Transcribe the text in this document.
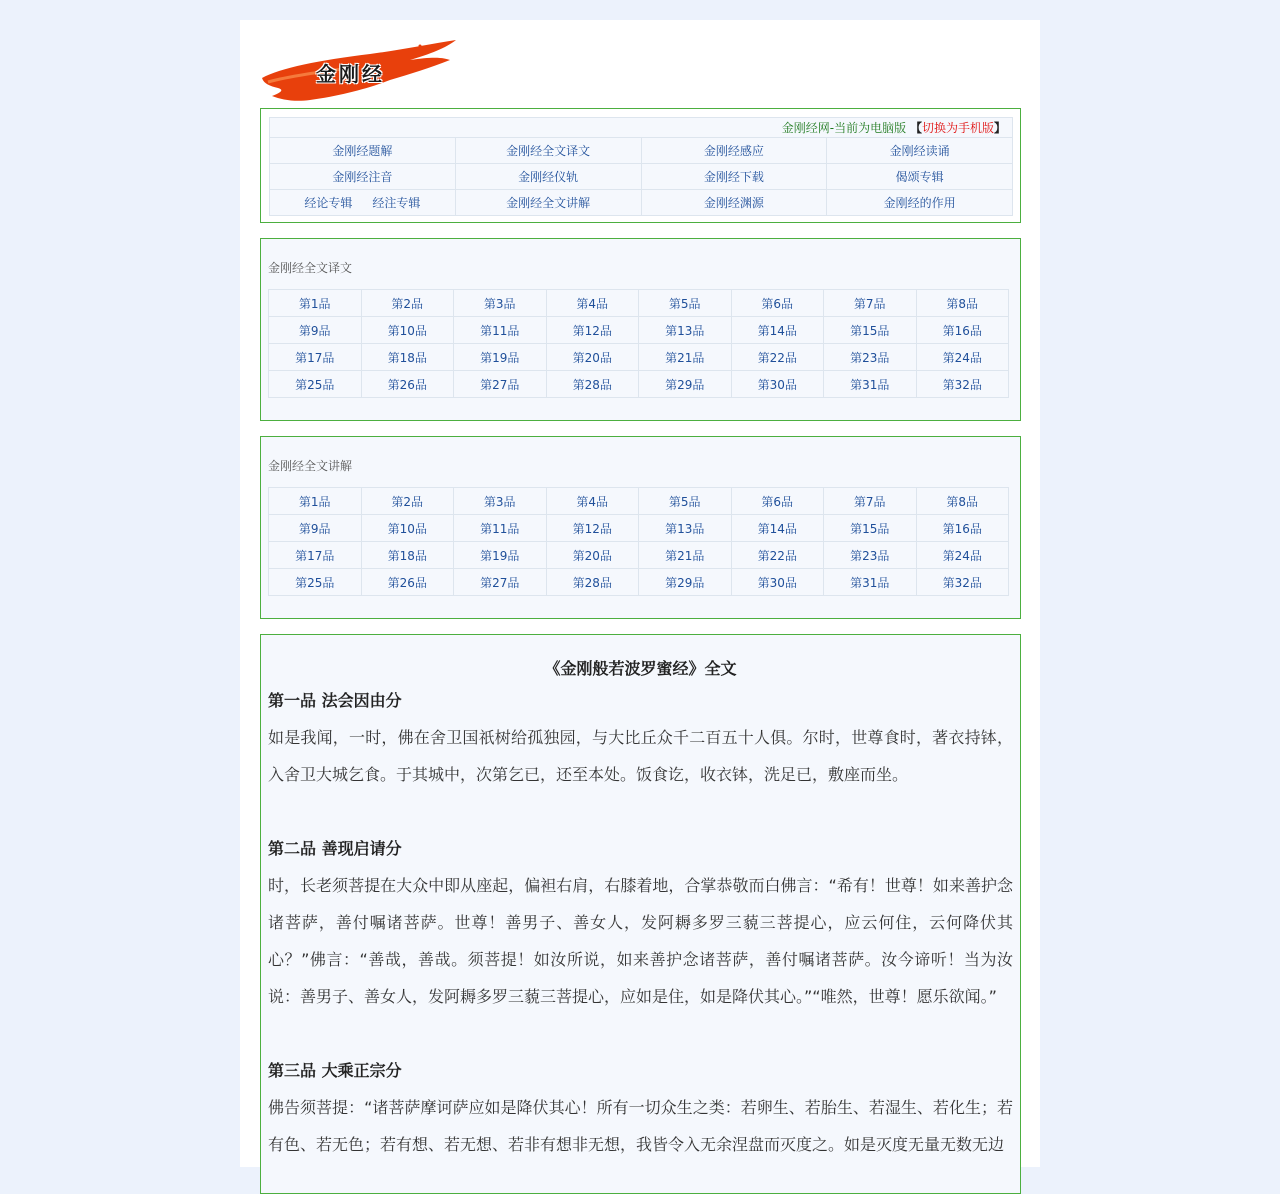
金刚经
金刚经网-当前为电脑版 【切换为手机版】			
金刚经题解	金刚经全文译文	金刚经感应	金刚经读诵
金刚经注音	金刚经仪轨	金刚经下载	偈颂专辑
经论专辑 经注专辑	金刚经全文讲解	金刚经渊源	金刚经的作用
金刚经全文译文
第1品	第2品	第3品	第4品	第5品	第6品	第7品	第8品
第9品	第10品	第11品	第12品	第13品	第14品	第15品	第16品
第17品	第18品	第19品	第20品	第21品	第22品	第23品	第24品
第25品	第26品	第27品	第28品	第29品	第30品	第31品	第32品
金刚经全文讲解
第1品	第2品	第3品	第4品	第5品	第6品	第7品	第8品
第9品	第10品	第11品	第12品	第13品	第14品	第15品	第16品
第17品	第18品	第19品	第20品	第21品	第22品	第23品	第24品
第25品	第26品	第27品	第28品	第29品	第30品	第31品	第32品
《金刚般若波罗蜜经》全文
第一品 法会因由分

如是我闻，一时，佛在舍卫国祇树给孤独园，与大比丘众千二百五十人俱。尔时，世尊食时，著衣持钵，入舍卫大城乞食。于其城中，次第乞已，还至本处。饭食讫，收衣钵，洗足已，敷座而坐。

第二品 善现启请分

时，长老须菩提在大众中即从座起，偏袒右肩，右膝着地，合掌恭敬而白佛言：“希有！世尊！如来善护念诸菩萨，善付嘱诸菩萨。世尊！善男子、善女人，发阿耨多罗三藐三菩提心，应云何住，云何降伏其心？”佛言：“善哉，善哉。须菩提！如汝所说，如来善护念诸菩萨，善付嘱诸菩萨。汝今谛听！当为汝说：善男子、善女人，发阿耨多罗三藐三菩提心，应如是住，如是降伏其心。”“唯然，世尊！愿乐欲闻。”

第三品 大乘正宗分

佛告须菩提：“诸菩萨摩诃萨应如是降伏其心！所有一切众生之类：若卵生、若胎生、若湿生、若化生；若有色、若无色；若有想、若无想、若非有想非无想，我皆令入无余涅盘而灭度之。如是灭度无量无数无边
